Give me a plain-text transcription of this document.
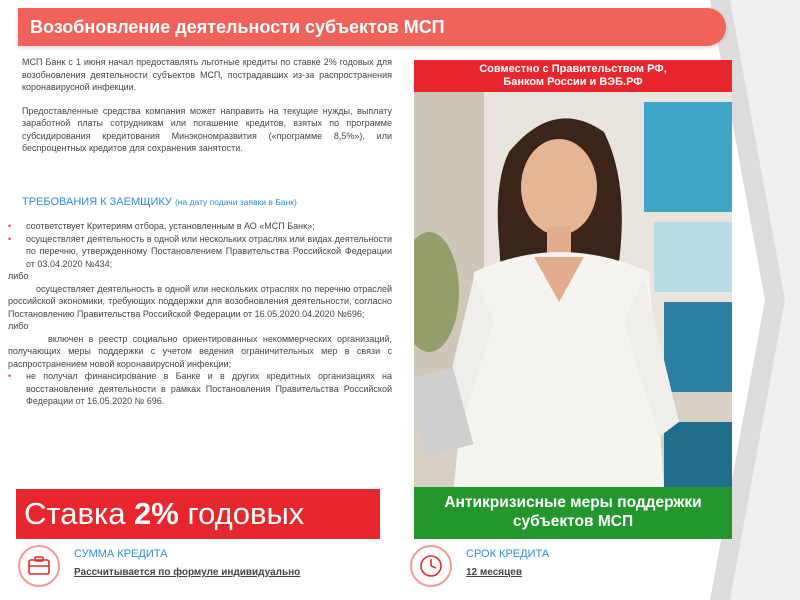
Возобновление деятельности субъектов МСП

МСП Банк с 1 июня начал предоставлять льготные кредиты по ставке 2% годовых для возобновления деятельности субъектов МСП, пострадавших из-за распространения коронавирусной инфекции.

Предоставленные средства компания может направить на текущие нужды, выплату заработной платы сотрудникам или погашение кредитов, взятых по программе субсидирования кредитования Минэкономразвития («программе 8,5%»), или беспроцентных кредитов для сохранения занятости.

ТРЕБОВАНИЯ К ЗАЕМЩИКУ (на дату подачи заявки в Банк)
• соответствует Критериям отбора, установленным в АО «МСП Банк»;
• осуществляет деятельность в одной или нескольких отраслях или видах деятельности по перечню, утвержденному Постановлением Правительства Российской Федерации от 03.04.2020 №434;
либо
осуществляет деятельность в одной или нескольких отраслях по перечню отраслей российской экономики, требующих поддержки для возобновления деятельности, согласно Постановлению Правительства Российской Федерации от 16.05.2020.04.2020 №696;
либо
включен в реестр социально ориентированных некоммерческих организаций, получающих меры поддержки с учетом ведения ограничительных мер в связи с распространением новой коронавирусной инфекции;
• не получал финансирование в Банке и в других кредитных организациях на восстановление деятельности в рамках Постановления Правительства Российской Федерации от 16.05.2020 № 696.
Совместно с Правительством РФ,
Банком России и ВЭБ.РФ
Ставка 2% годовых	Антикризисные меры поддержки
субъектов МСП
СУММА КРЕДИТА
Рассчитывается по формуле индивидуально
СРОК КРЕДИТА
12 месяцев
